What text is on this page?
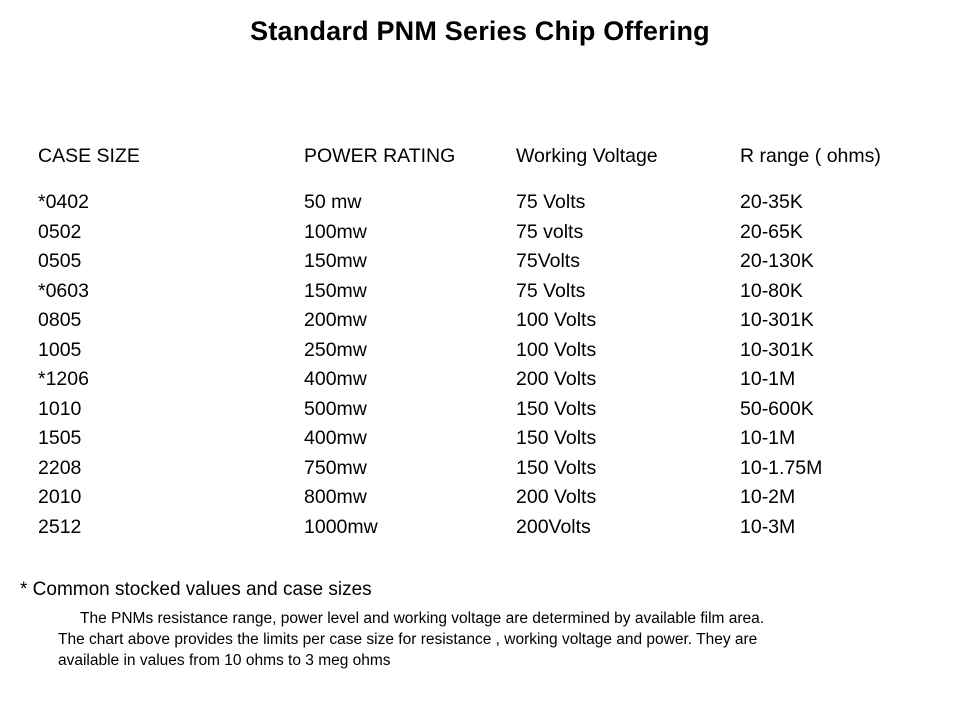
Standard PNM Series Chip Offering
CASE SIZE	POWER RATING	Working Voltage	R range ( ohms)
*0402	50 mw	75 Volts	20-35K
0502	100mw	75 volts	20-65K
0505	150mw	75Volts	20-130K
*0603	150mw	75 Volts	10-80K
0805	200mw	100 Volts	10-301K
1005	250mw	100 Volts	10-301K
*1206	400mw	200 Volts	10-1M
1010	500mw	150 Volts	50-600K
1505	400mw	150 Volts	10-1M
2208	750mw	150 Volts	10-1.75M
2010	800mw	200 Volts	10-2M
2512	1000mw	200Volts	10-3M
* Common stocked values and case sizes
The PNMs resistance range, power level and working voltage are determined by available film area.
The chart above provides the limits per case size for resistance , working voltage and power. They are
available in values from 10 ohms to 3 meg ohms
